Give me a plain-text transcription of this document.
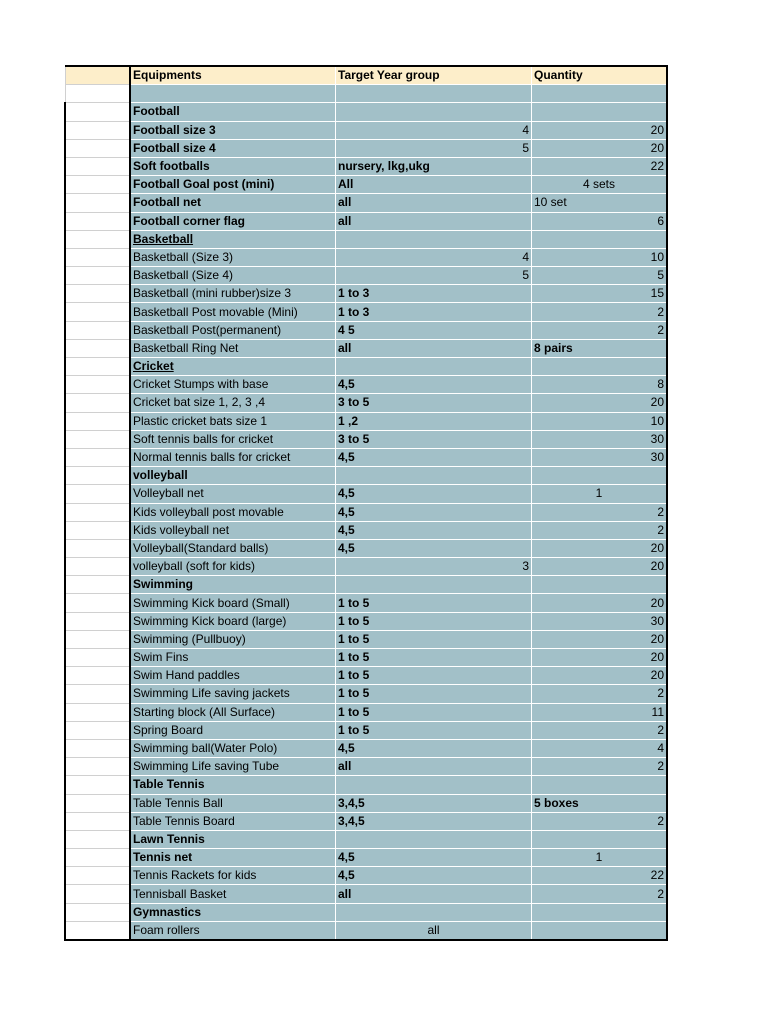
	Equipments	Target Year group	Quantity

	Football		
	Football size 3	4	20
	Football size 4	5	20
	Soft footballs	nursery, lkg,ukg	22
	Football Goal post (mini)	All	4 sets
	Football net	all	10 set
	Football corner flag	all	6
	Basketball		
	Basketball (Size 3)	4	10
	Basketball (Size 4)	5	5
	Basketball (mini rubber)size 3	1 to 3	15
	Basketball Post movable (Mini)	1 to 3	2
	Basketball Post(permanent)	4 5	2
	Basketball Ring Net	all	8 pairs
	Cricket		
	Cricket Stumps with base	4,5	8
	Cricket bat size 1, 2, 3 ,4	3 to 5	20
	Plastic cricket bats size 1	1 ,2	10
	Soft tennis balls for cricket	3 to 5	30
	Normal tennis balls for cricket	4,5	30
	volleyball		
	Volleyball net	4,5	1
	Kids volleyball post movable	4,5	2
	Kids volleyball net	4,5	2
	Volleyball(Standard balls)	4,5	20
	volleyball (soft for kids)	3	20
	Swimming		
	Swimming Kick board (Small)	1 to 5	20
	Swimming Kick board (large)	1 to 5	30
	Swimming (Pullbuoy)	1 to 5	20
	Swim Fins	1 to 5	20
	Swim Hand paddles	1 to 5	20
	Swimming Life saving jackets	1 to 5	2
	Starting block (All Surface)	1 to 5	11
	Spring Board	1 to 5	2
	Swimming ball(Water Polo)	4,5	4
	Swimming Life saving Tube	all	2
	Table Tennis		
	Table Tennis Ball	3,4,5	5 boxes
	Table Tennis Board	3,4,5	2
	Lawn Tennis		
	Tennis net	4,5	1
	Tennis Rackets for kids	4,5	22
	Tennisball Basket	all	2
	Gymnastics		
	Foam rollers	all	
